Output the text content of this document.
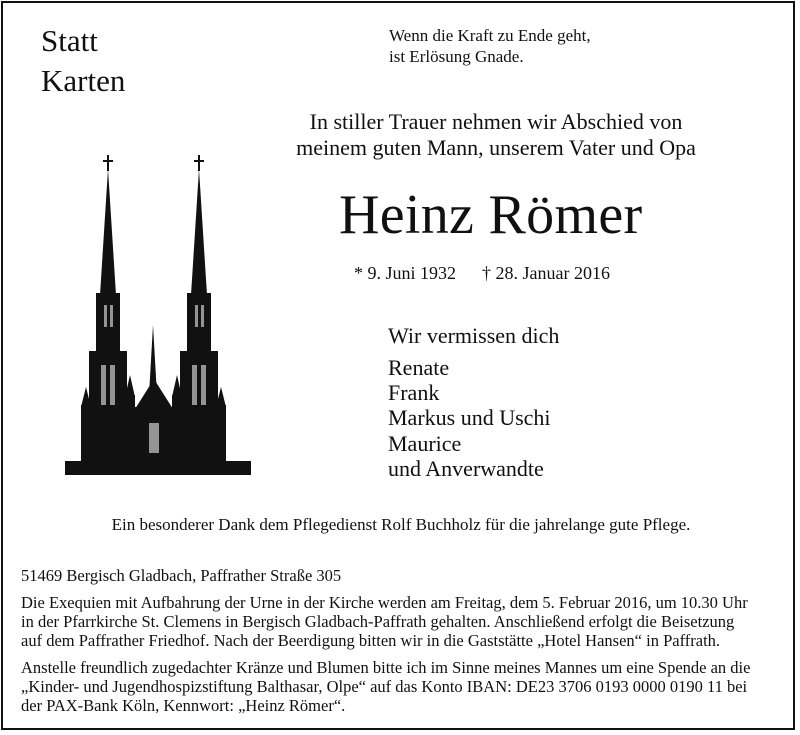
Statt
Karten
Wenn die Kraft zu Ende geht,
ist Erlösung Gnade.
In stiller Trauer nehmen wir Abschied von
meinem guten Mann, unserem Vater und Opa
Heinz Römer
* 9. Juni 1932 † 28. Januar 2016
Wir vermissen dich
Renate
Frank
Markus und Uschi
Maurice
und Anverwandte
Ein besonderer Dank dem Pflegedienst Rolf Buchholz für die jahrelange gute Pflege.
51469 Bergisch Gladbach, Paffrather Straße 305
Die Exequien mit Aufbahrung der Urne in der Kirche werden am Freitag, dem 5. Februar 2016, um 10.30 Uhr
in der Pfarrkirche St. Clemens in Bergisch Gladbach-Paffrath gehalten. Anschließend erfolgt die Beisetzung
auf dem Paffrather Friedhof. Nach der Beerdigung bitten wir in die Gaststätte „Hotel Hansen“ in Paffrath.
Anstelle freundlich zugedachter Kränze und Blumen bitte ich im Sinne meines Mannes um eine Spende an die
„Kinder- und Jugendhospizstiftung Balthasar, Olpe“ auf das Konto IBAN: DE23 3706 0193 0000 0190 11 bei
der PAX-Bank Köln, Kennwort: „Heinz Römer“.
